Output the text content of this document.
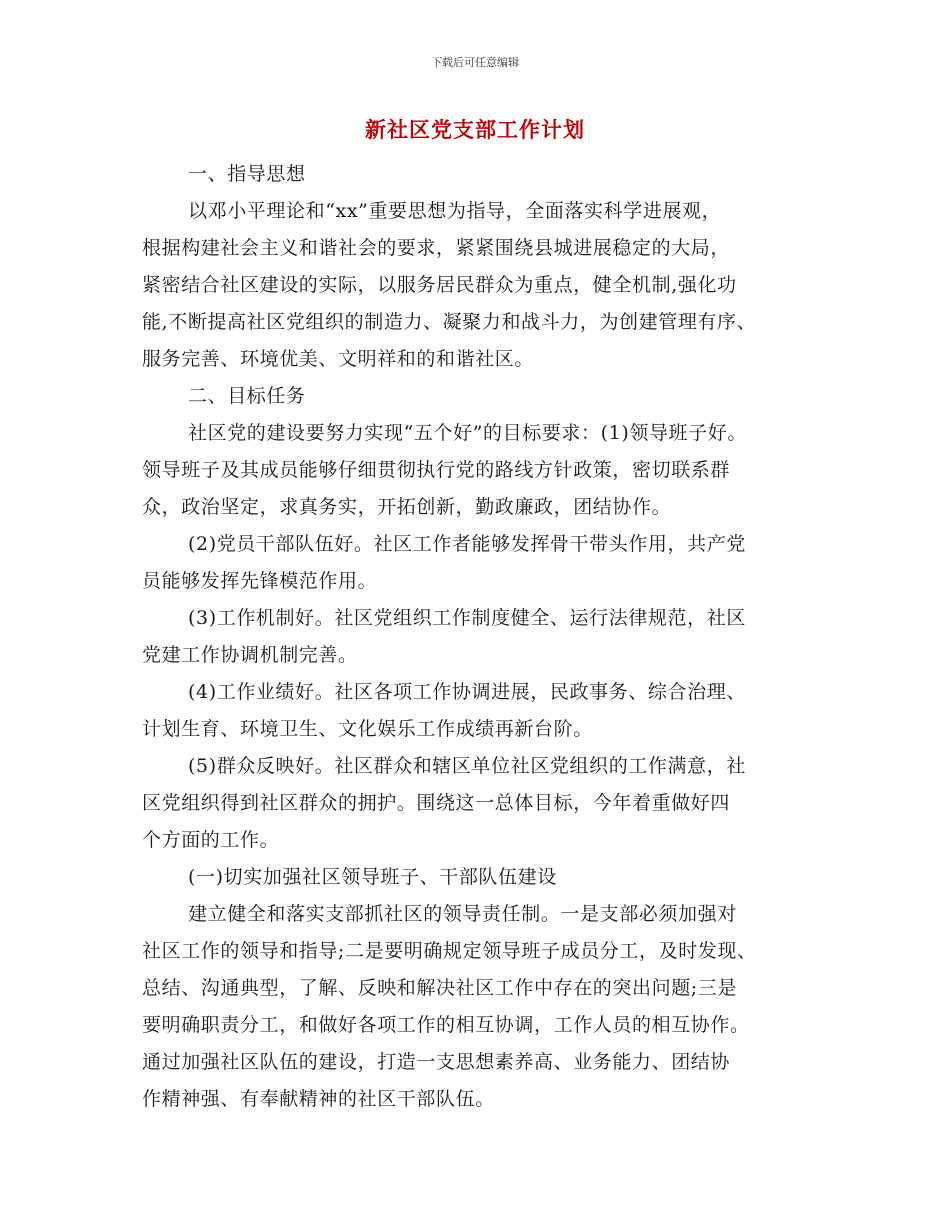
下载后可任意编辑
新社区党支部工作计划
一、指导思想
以邓小平理论和“xx”重要思想为指导，全面落实科学进展观，
根据构建社会主义和谐社会的要求，紧紧围绕县城进展稳定的大局，
紧密结合社区建设的实际，以服务居民群众为重点，健全机制,强化功
能,不断提高社区党组织的制造力、凝聚力和战斗力，为创建管理有序、
服务完善、环境优美、文明祥和的和谐社区。
二、目标任务
社区党的建设要努力实现“五个好”的目标要求：(1)领导班子好。
领导班子及其成员能够仔细贯彻执行党的路线方针政策，密切联系群
众，政治坚定，求真务实，开拓创新，勤政廉政，团结协作。
(2)党员干部队伍好。社区工作者能够发挥骨干带头作用，共产党
员能够发挥先锋模范作用。
(3)工作机制好。社区党组织工作制度健全、运行法律规范，社区
党建工作协调机制完善。
(4)工作业绩好。社区各项工作协调进展，民政事务、综合治理、
计划生育、环境卫生、文化娱乐工作成绩再新台阶。
(5)群众反映好。社区群众和辖区单位社区党组织的工作满意，社
区党组织得到社区群众的拥护。围绕这一总体目标，今年着重做好四
个方面的工作。
(一)切实加强社区领导班子、干部队伍建设
建立健全和落实支部抓社区的领导责任制。一是支部必须加强对
社区工作的领导和指导;二是要明确规定领导班子成员分工，及时发现、
总结、沟通典型，了解、反映和解决社区工作中存在的突出问题;三是
要明确职责分工，和做好各项工作的相互协调，工作人员的相互协作。
通过加强社区队伍的建设，打造一支思想素养高、业务能力、团结协
作精神强、有奉献精神的社区干部队伍。
